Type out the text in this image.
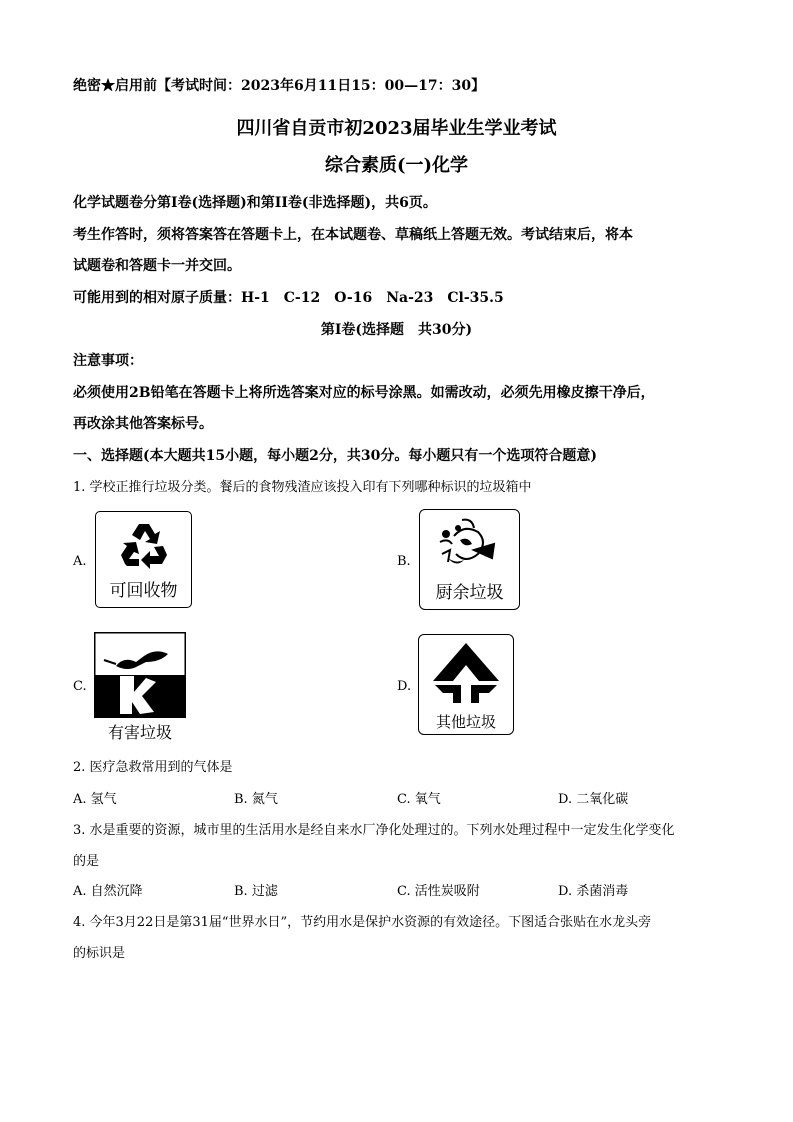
绝密★启用前【考试时间：2023年6月11日15：00—17：30】
四川省自贡市初2023届毕业生学业考试
综合素质(一)化学
化学试题卷分第I卷(选择题)和第II卷(非选择题)，共6页。
考生作答时，须将答案答在答题卡上，在本试题卷、草稿纸上答题无效。考试结束后，将本
试题卷和答题卡一并交回。
可能用到的相对原子质量：H-1　C-12　O-16　Na-23　Cl-35.5
第I卷(选择题　共30分)
注意事项：
必须使用2B铅笔在答题卡上将所选答案对应的标号涂黑。如需改动，必须先用橡皮擦干净后，
再改涂其他答案标号。
一、选择题(本大题共15小题，每小题2分，共30分。每小题只有一个选项符合题意)
1. 学校正推行垃圾分类。餐后的食物残渣应该投入印有下列哪种标识的垃圾箱中
A.
可回收物
B.
厨余垃圾
C.
有害垃圾
D.
其他垃圾
2. 医疗急救常用到的气体是
A. 氢气	B. 氮气	C. 氧气	D. 二氧化碳
3. 水是重要的资源，城市里的生活用水是经自来水厂净化处理过的。下列水处理过程中一定发生化学变化
的是
A. 自然沉降	B. 过滤	C. 活性炭吸附	D. 杀菌消毒
4. 今年3月22日是第31届“世界水日”，节约用水是保护水资源的有效途径。下图适合张贴在水龙头旁
的标识是
